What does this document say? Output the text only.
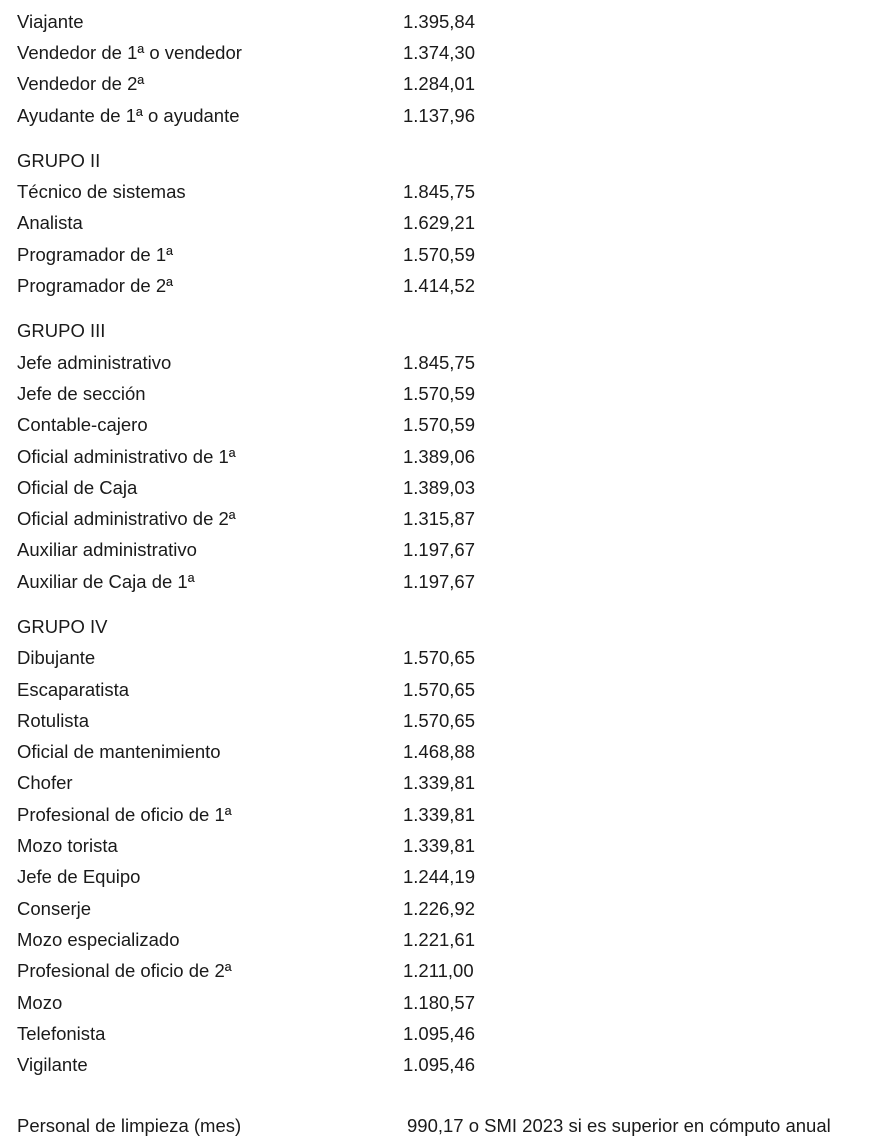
Viajante	1.395,84
Vendedor de 1ª o vendedor	1.374,30
Vendedor de 2ª	1.284,01
Ayudante de 1ª o ayudante	1.137,96
GRUPO II
Técnico de sistemas	1.845,75
Analista	1.629,21
Programador de 1ª	1.570,59
Programador de 2ª	1.414,52
GRUPO III
Jefe administrativo	1.845,75
Jefe de sección	1.570,59
Contable-cajero	1.570,59
Oficial administrativo de 1ª	1.389,06
Oficial de Caja	1.389,03
Oficial administrativo de 2ª	1.315,87
Auxiliar administrativo	1.197,67
Auxiliar de Caja de 1ª	1.197,67
GRUPO IV
Dibujante	1.570,65
Escaparatista	1.570,65
Rotulista	1.570,65
Oficial de mantenimiento	1.468,88
Chofer	1.339,81
Profesional de oficio de 1ª	1.339,81
Mozo torista	1.339,81
Jefe de Equipo	1.244,19
Conserje	1.226,92
Mozo especializado	1.221,61
Profesional de oficio de 2ª	1.211,00
Mozo	1.180,57
Telefonista	1.095,46
Vigilante	1.095,46
Personal de limpieza (mes)	990,17 o SMI 2023 si es superior en cómputo anual
